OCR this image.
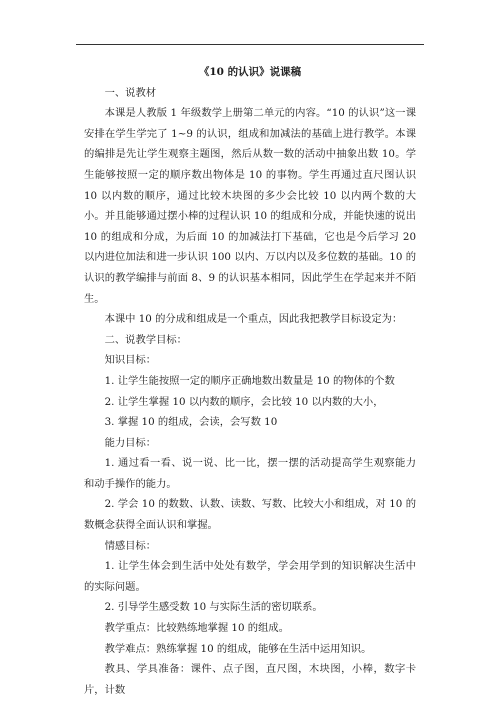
《10 的认识》说课稿

一、说教材

本课是人教版 1 年级数学上册第二单元的内容。“10 的认识”这一课安排在学生学完了 1~9 的认识，组成和加减法的基础上进行教学。本课的编排是先让学生观察主题图，然后从数一数的活动中抽象出数 10。学生能够按照一定的顺序数出物体是 10 的事物。学生再通过直尺图认识 10 以内数的顺序，通过比较木块图的多少会比较 10 以内两个数的大小。并且能够通过摆小棒的过程认识 10 的组成和分成，并能快速的说出 10 的组成和分成，为后面 10 的加减法打下基础，它也是今后学习 20 以内进位加法和进一步认识 100 以内、万以内以及多位数的基础。10 的认识的教学编排与前面 8、9 的认识基本相同，因此学生在学起来并不陌生。

本课中 10 的分成和组成是一个重点，因此我把教学目标设定为：

二、说教学目标：

知识目标：

1. 让学生能按照一定的顺序正确地数出数量是 10 的物体的个数

2. 让学生掌握 10 以内数的顺序，会比较 10 以内数的大小，

3. 掌握 10 的组成，会读，会写数 10

能力目标：

1. 通过看一看、说一说、比一比，摆一摆的活动提高学生观察能力和动手操作的能力。

2. 学会 10 的数数、认数、读数、写数、比较大小和组成，对 10 的数概念获得全面认识和掌握。

情感目标：

1. 让学生体会到生活中处处有数学，学会用学到的知识解决生活中的实际问题。

2. 引导学生感受数 10 与实际生活的密切联系。

教学重点：比较熟练地掌握 10 的组成。

教学难点：熟练掌握 10 的组成，能够在生活中运用知识。

教具、学具准备：课件、点子图，直尺图，木块图，小棒，数字卡片，计数
